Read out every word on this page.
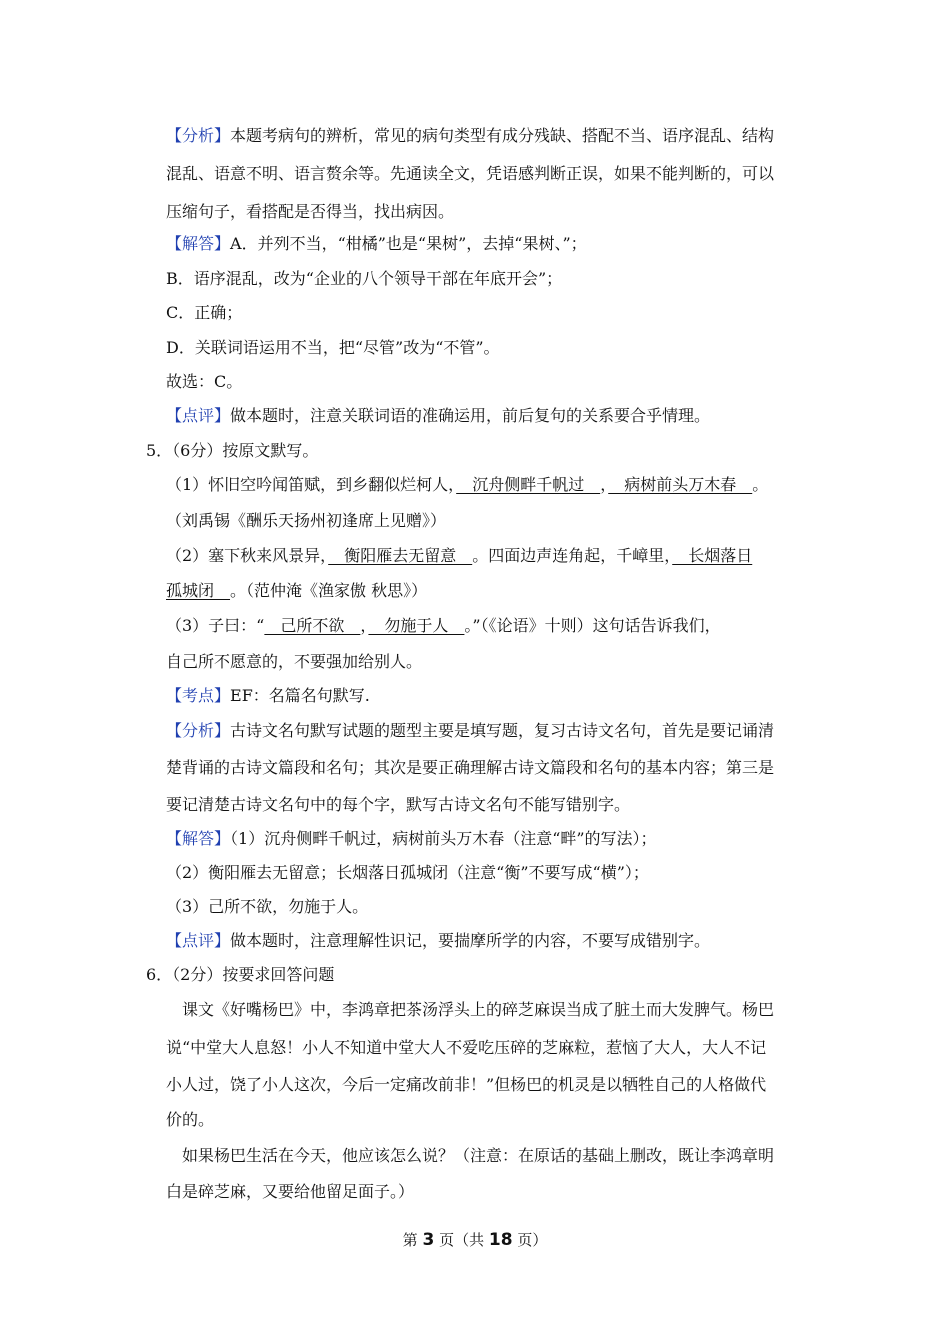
【分析】本题考病句的辨析，常见的病句类型有成分残缺、搭配不当、语序混乱、结构
混乱、语意不明、语言赘余等。先通读全文，凭语感判断正误，如果不能判断的，可以
压缩句子，看搭配是否得当，找出病因。
【解答】A．并列不当，“柑橘”也是“果树”，去掉“果树、”；
B．语序混乱，改为“企业的八个领导干部在年底开会”；
C．正确；
D．关联词语运用不当，把“尽管”改为“不管”。
故选：C。
【点评】做本题时，注意关联词语的准确运用，前后复句的关系要合乎情理。
5．（6分）按原文默写。
（1）怀旧空吟闻笛赋，到乡翻似烂柯人，　沉舟侧畔千帆过　，　病树前头万木春　。
（刘禹锡《酬乐天扬州初逢席上见赠》）
（2）塞下秋来风景异，　衡阳雁去无留意　。四面边声连角起，千嶂里，　长烟落日
孤城闭　。（范仲淹《渔家傲 秋思》）
（3）子曰：“　己所不欲　，　勿施于人　。”（《论语》十则）这句话告诉我们，
自己所不愿意的，不要强加给别人。
【考点】EF：名篇名句默写.
【分析】古诗文名句默写试题的题型主要是填写题，复习古诗文名句，首先是要记诵清
楚背诵的古诗文篇段和名句；其次是要正确理解古诗文篇段和名句的基本内容；第三是
要记清楚古诗文名句中的每个字，默写古诗文名句不能写错别字。
【解答】（1）沉舟侧畔千帆过，病树前头万木春（注意“畔”的写法）；
（2）衡阳雁去无留意；长烟落日孤城闭（注意“衡”不要写成“横”）；
（3）己所不欲，勿施于人。
【点评】做本题时，注意理解性识记，要揣摩所学的内容，不要写成错别字。
6．（2分）按要求回答问题
课文《好嘴杨巴》中，李鸿章把茶汤浮头上的碎芝麻误当成了脏土而大发脾气。杨巴
说“中堂大人息怒！小人不知道中堂大人不爱吃压碎的芝麻粒，惹恼了大人，大人不记
小人过，饶了小人这次，今后一定痛改前非！”但杨巴的机灵是以牺牲自己的人格做代
价的。
如果杨巴生活在今天，他应该怎么说？（注意：在原话的基础上删改，既让李鸿章明
白是碎芝麻，又要给他留足面子。）
第 3 页（共 18 页）
